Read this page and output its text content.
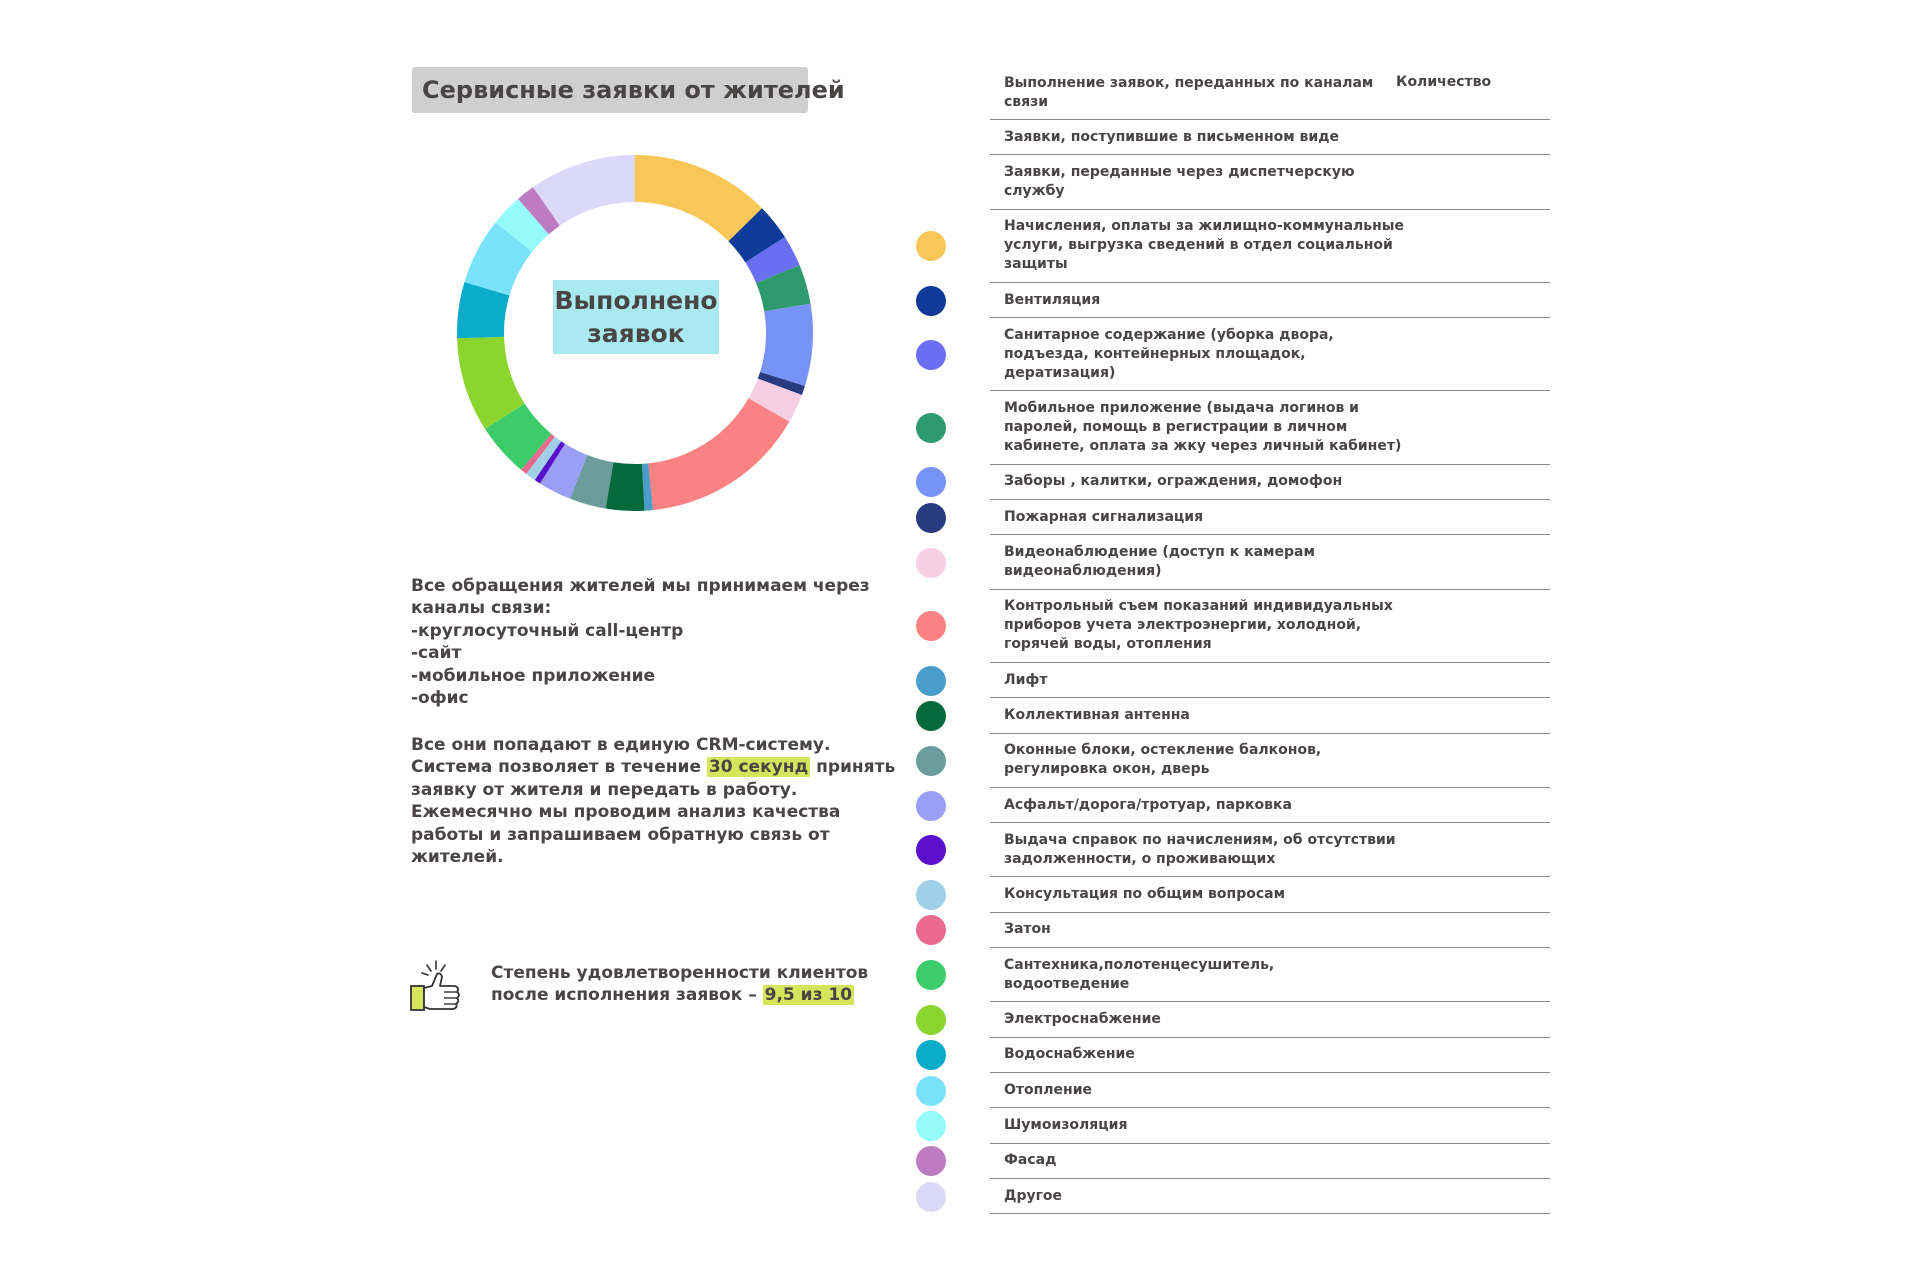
Сервисные заявки от жителей
Выполнено
заявок
Все обращения жителей мы принимаем через
каналы связи:
-круглосуточный call-центр
-сайт
-мобильное приложение
-офис
Все они попадают в единую CRM-систему.
Система позволяет в течение 30 секунд принять
заявку от жителя и передать в работу.
Ежемесячно мы проводим анализ качества
работы и запрашиваем обратную связь от
жителей.
Степень удовлетворенности клиентов
после исполнения заявок – 9,5 из 10
Выполнение заявок, переданных по каналам связи
Количество
Заявки, поступившие в письменном виде
Заявки, переданные через диспетчерскую службу
Начисления, оплаты за жилищно-коммунальные услуги, выгрузка сведений в отдел социальной защиты
Вентиляция
Санитарное содержание (уборка двора, подъезда, контейнерных площадок, дератизация)
Мобильное приложение (выдача логинов и паролей, помощь в регистрации в личном кабинете, оплата за жку через личный кабинет)
Заборы , калитки, ограждения, домофон
Пожарная сигнализация
Видеонаблюдение (доступ к камерам видеонаблюдения)
Контрольный съем показаний индивидуальных приборов учета электроэнергии, холодной, горячей воды, отопления
Лифт
Коллективная антенна
Оконные блоки, остекление балконов, регулировка окон, дверь
Асфальт/дорога/тротуар, парковка
Выдача справок по начислениям, об отсутствии задолженности, о проживающих
Консультация по общим вопросам
Затон
Сантехника,полотенцесушитель, водоотведение
Электроснабжение
Водоснабжение
Отопление
Шумоизоляция
Фасад
Другое
